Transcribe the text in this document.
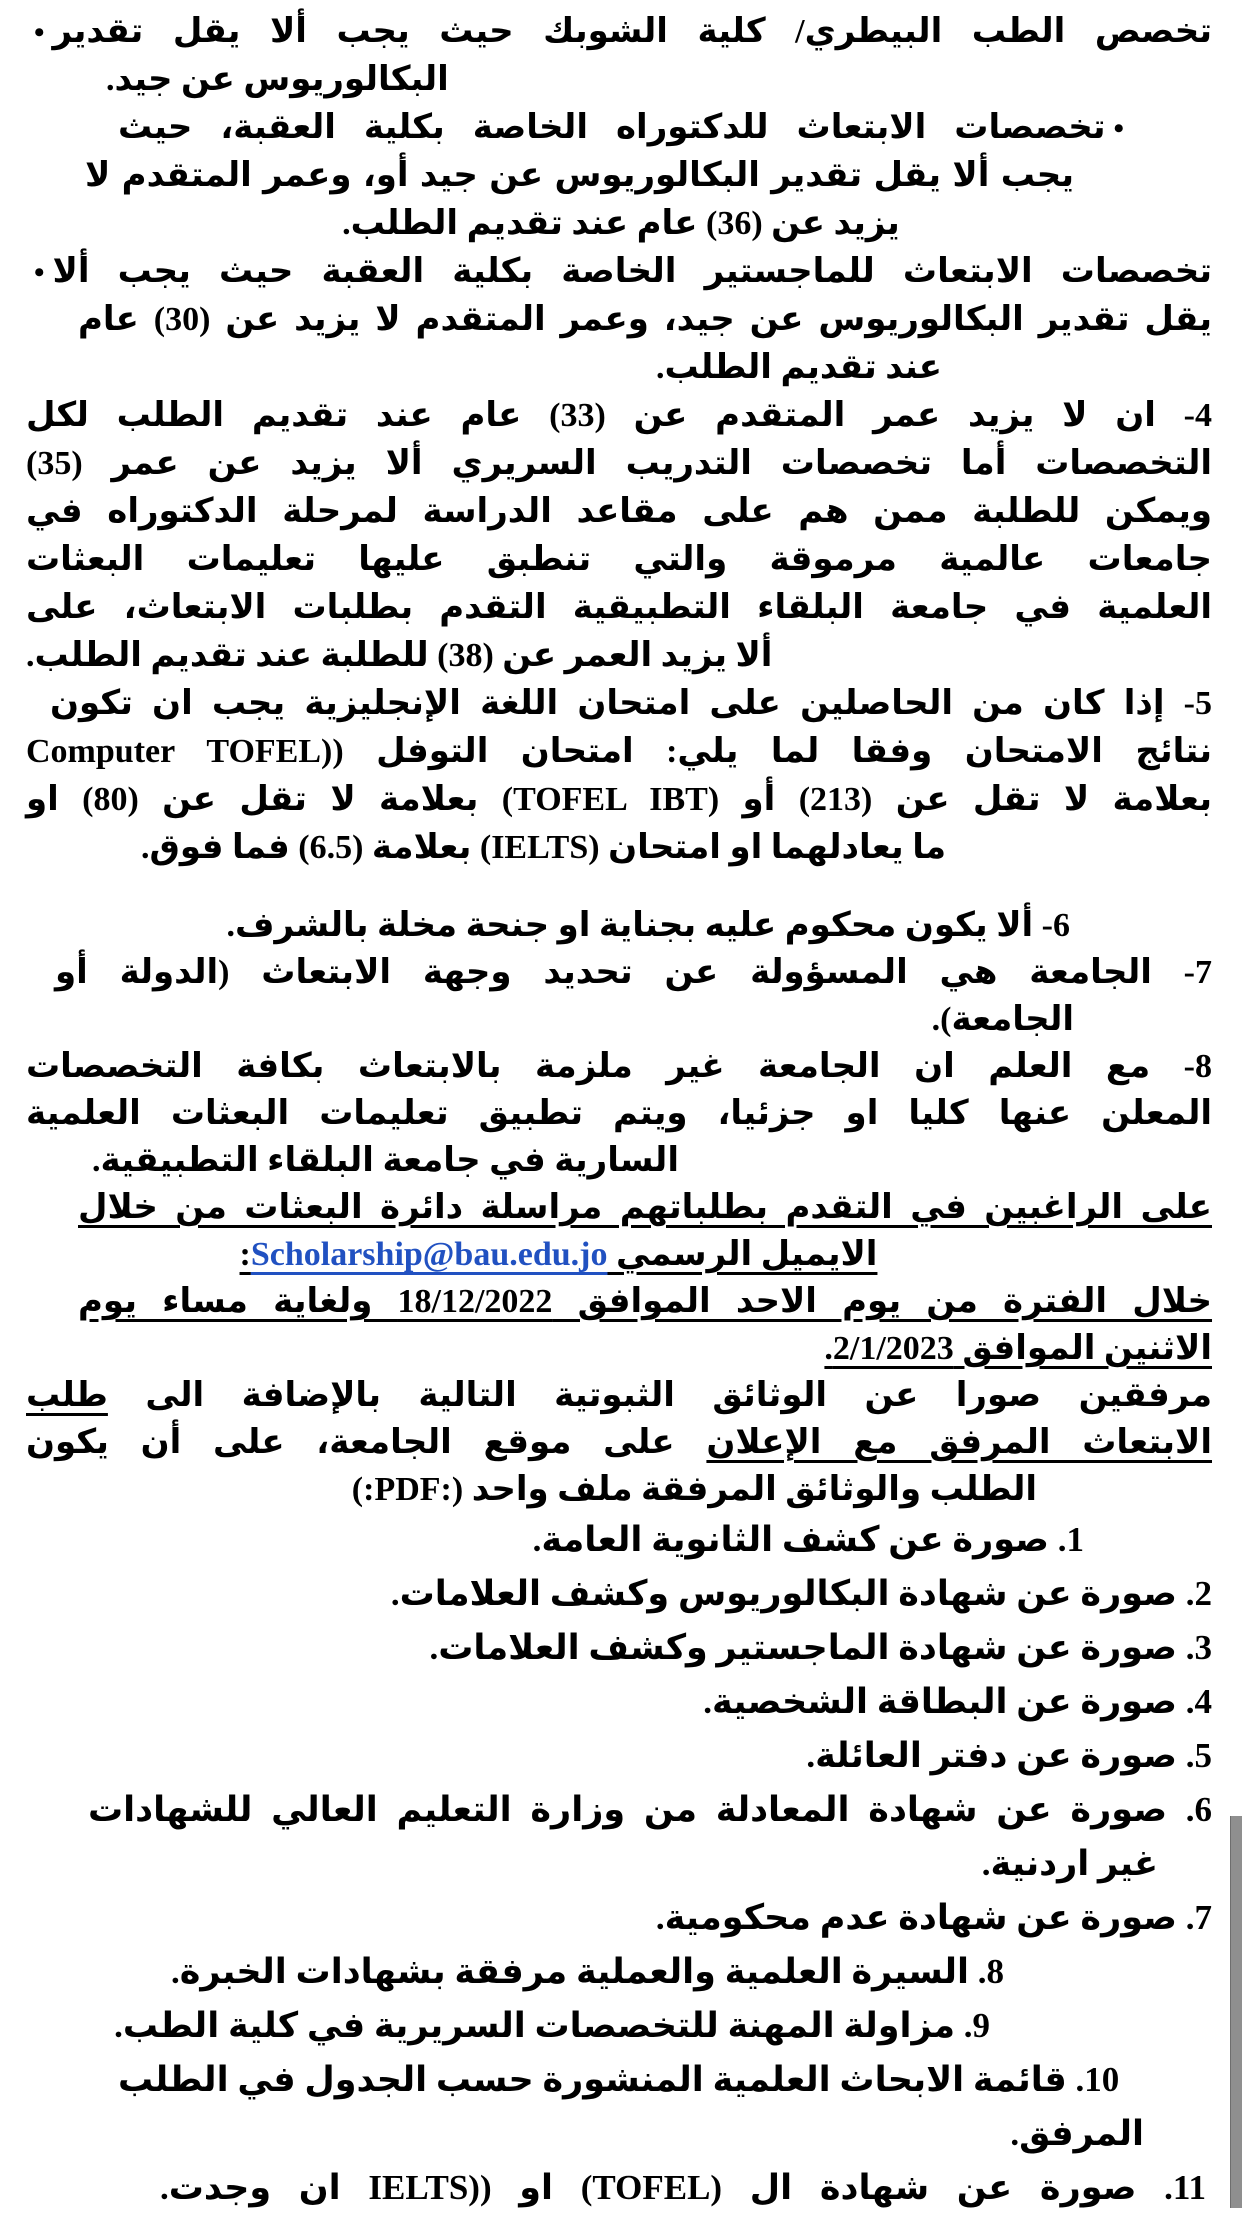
• تخصص الطب البيطري/ كلية الشوبك حيث يجب ألا يقل تقدير
البكالوريوس عن جيد.
تخصصات الابتعاث للدكتوراه الخاصة بكلية العقبة، حيث •
يجب ألا يقل تقدير البكالوريوس عن جيد أو، وعمر المتقدم لا
يزيد عن (36) عام عند تقديم الطلب.
• تخصصات الابتعاث للماجستير الخاصة بكلية العقبة حيث يجب ألا
يقل تقدير البكالوريوس عن جيد، وعمر المتقدم لا يزيد عن (30) عام
عند تقديم الطلب.
4- ان لا يزيد عمر المتقدم عن (33) عام عند تقديم الطلب لكل
التخصصات أما تخصصات التدريب السريري ألا يزيد عن عمر (35)
ويمكن للطلبة ممن هم على مقاعد الدراسة لمرحلة الدكتوراه في
جامعات عالمية مرموقة والتي تنطبق عليها تعليمات البعثات
العلمية في جامعة البلقاء التطبيقية التقدم بطلبات الابتعاث، على
ألا يزيد العمر عن (38) للطلبة عند تقديم الطلب.
5- إذا كان من الحاصلين على امتحان اللغة الإنجليزية يجب ان تكون
نتائج الامتحان وفقا لما يلي: امتحان التوفل ((Computer TOFEL
بعلامة لا تقل عن (213) أو (TOFEL IBT) بعلامة لا تقل عن (80) او
ما يعادلهما او امتحان (IELTS) بعلامة (6.5) فما فوق.
6- ألا يكون محكوم عليه بجناية او جنحة مخلة بالشرف.
7- الجامعة هي المسؤولة عن تحديد وجهة الابتعاث (الدولة أو
الجامعة).
8- مع العلم ان الجامعة غير ملزمة بالابتعاث بكافة التخصصات
المعلن عنها كليا او جزئيا، ويتم تطبيق تعليمات البعثات العلمية
السارية في جامعة البلقاء التطبيقية.
على الراغبين في التقدم بطلباتهم مراسلة دائرة البعثات من خلال
الايميل الرسمي Scholarship@bau.edu.jo:
خلال الفترة من يوم الاحد الموافق 18/12/2022 ولغاية مساء يوم
الاثنين الموافق 2/1/2023.
مرفقين صورا عن الوثائق الثبوتية التالية بالإضافة الى طلب
الابتعاث المرفق مع الإعلان على موقع الجامعة، على أن يكون
الطلب والوثائق المرفقة ملف واحد (:PDF:)
1. صورة عن كشف الثانوية العامة.
2. صورة عن شهادة البكالوريوس وكشف العلامات.
3. صورة عن شهادة الماجستير وكشف العلامات.
4. صورة عن البطاقة الشخصية.
5. صورة عن دفتر العائلة.
6. صورة عن شهادة المعادلة من وزارة التعليم العالي للشهادات
غير اردنية.
7. صورة عن شهادة عدم محكومية.
8. السيرة العلمية والعملية مرفقة بشهادات الخبرة.
9. مزاولة المهنة للتخصصات السريرية في كلية الطب.
10. قائمة الابحاث العلمية المنشورة حسب الجدول في الطلب
المرفق.
11. صورة عن شهادة ال (TOFEL) او ((IELTS ان وجدت.
